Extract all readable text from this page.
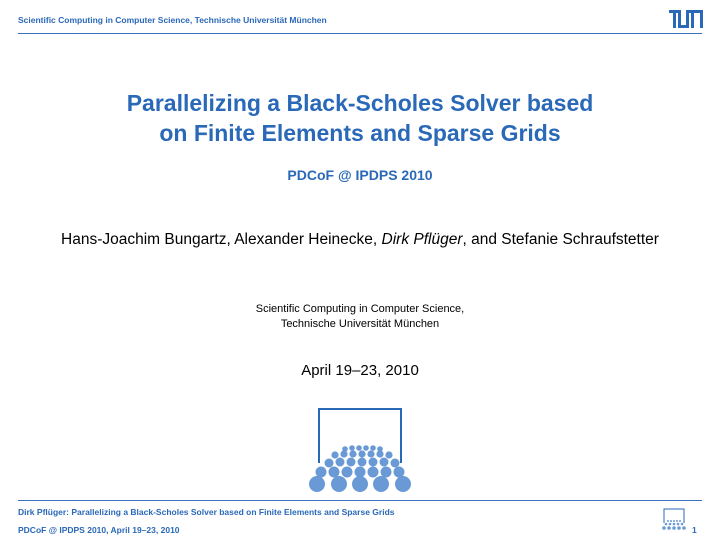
Scientific Computing in Computer Science, Technische Universität München
Parallelizing a Black-Scholes Solver based
on Finite Elements and Sparse Grids
PDCoF @ IPDPS 2010
Hans-Joachim Bungartz, Alexander Heinecke, Dirk Pflüger, and Stefanie Schraufstetter
Scientific Computing in Computer Science,
Technische Universität München
April 19–23, 2010
Dirk Pflüger: Parallelizing a Black-Scholes Solver based on Finite Elements and Sparse Grids
PDCoF @ IPDPS 2010, April 19–23, 2010	1
